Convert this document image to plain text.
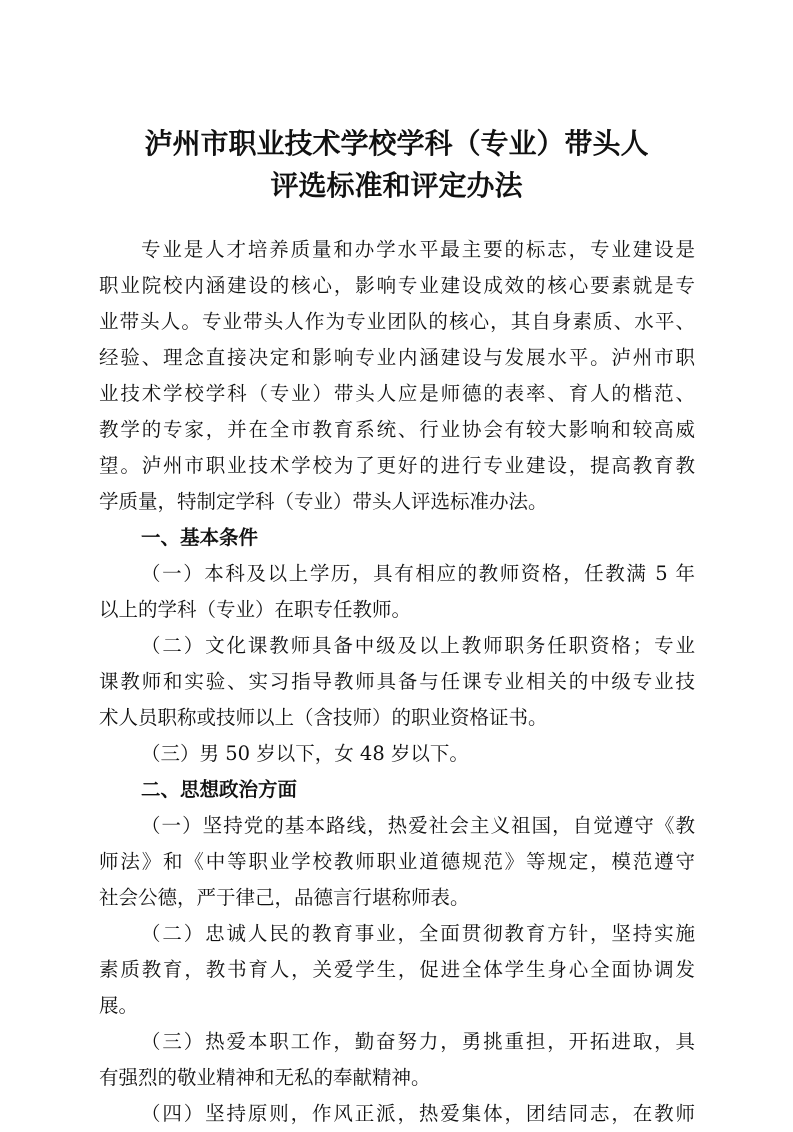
泸州市职业技术学校学科（专业）带头人
评选标准和评定办法
专业是人才培养质量和办学水平最主要的标志，专业建设是
职业院校内涵建设的核心，影响专业建设成效的核心要素就是专
业带头人。专业带头人作为专业团队的核心，其自身素质、水平、
经验、理念直接决定和影响专业内涵建设与发展水平。泸州市职
业技术学校学科（专业）带头人应是师德的表率、育人的楷范、
教学的专家，并在全市教育系统、行业协会有较大影响和较高威
望。泸州市职业技术学校为了更好的进行专业建设，提高教育教
学质量，特制定学科（专业）带头人评选标准办法。
一、基本条件
（一）本科及以上学历，具有相应的教师资格，任教满 5 年
以上的学科（专业）在职专任教师。
（二）文化课教师具备中级及以上教师职务任职资格；专业
课教师和实验、实习指导教师具备与任课专业相关的中级专业技
术人员职称或技师以上（含技师）的职业资格证书。
（三）男 50 岁以下，女 48 岁以下。
二、思想政治方面
（一）坚持党的基本路线，热爱社会主义祖国，自觉遵守《教
师法》和《中等职业学校教师职业道德规范》等规定，模范遵守
社会公德，严于律己，品德言行堪称师表。
（二）忠诚人民的教育事业，全面贯彻教育方针，坚持实施
素质教育，教书育人，关爱学生，促进全体学生身心全面协调发
展。
（三）热爱本职工作，勤奋努力，勇挑重担，开拓进取，具
有强烈的敬业精神和无私的奉献精神。
（四）坚持原则，作风正派，热爱集体，团结同志，在教师
